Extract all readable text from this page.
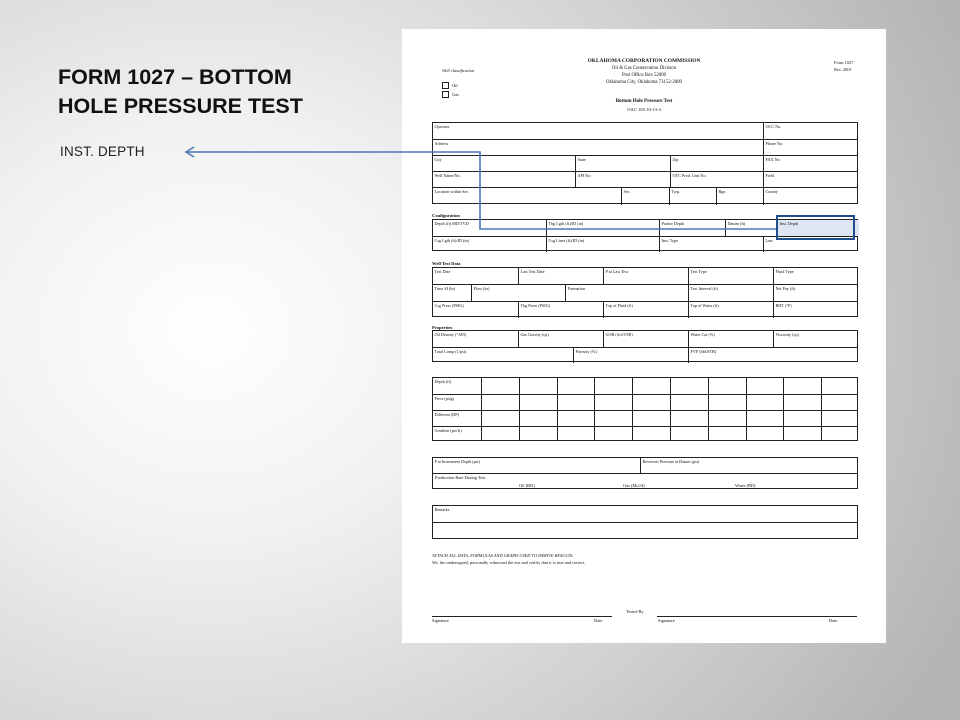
FORM 1027 – BOTTOM
HOLE PRESSURE TEST
INST. DEPTH
OKLAHOMA CORPORATION COMMISSION
Oil & Gas Conservation Division
Post Office Box 52000
Oklahoma City, Oklahoma 73152-2000
Form 1027
Rev. 2001
Well classification
Oil
Gas
Bottom Hole Pressure Test
OAC 165:10-13-4
Operator	OCC No.
Address	Phone No.
City	State	Zip	FAX No.
Well Name/No.	API No.	OTC Prod. Unit No.	Field
Location within Sec.	Sec.	Twp.	Rge.	County
Configuration
Depth (ft) MD/TVD	Tbg Lgth (ft)/ID (in)	Packer Depth	Datum (ft)	Inst. Depth
Csg Lgth (ft)/ID (in)	Csg Liner (ft)/ID (in)	Inst. Type	Last
Well Test Data
Test Date	Last Test Date	P at Last Test	Test Type	Fluid Type
Time SI (hr)	Flow (hr)	Formation	Test Interval (ft)	Net Pay (ft)
Csg Press (PSIG)	Thg Press (PSIG)	Top of Fluid (ft)	Top of Water (ft)	BHT (°F)
Properties
Oil Density (°API)	Gas Gravity (cp)	GOR (Scf/STB)	Water Cut (%)	Viscosity (cp)
Total Comp (1/psi)	Porosity (%)	FVF (bbl/STB)
Depth (ft)
Press (psig)
Different (DP)
Gradient (psi/ft)
P at Instrument Depth (psi)	Reservoir Pressure at Datum (psi)
Production Rate During Test
Oil (BD)	Gas (Mcf/d)	Water (BD)
Remarks
ATTACH ALL DATA, FORMULAS AND GRAPH USED TO DERIVE RESULTS.
We, the undersigned, personally witnessed the test and certify that it is true and correct.
Tested By
Signature	Date	Signature	Date
